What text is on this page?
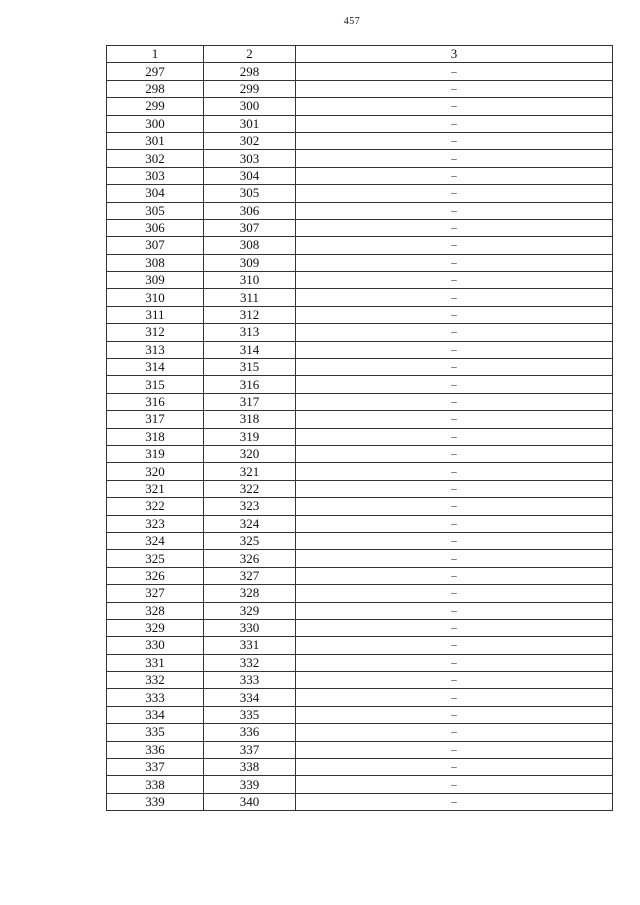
457
1	2	3
297	298	–
298	299	–
299	300	–
300	301	–
301	302	–
302	303	–
303	304	–
304	305	–
305	306	–
306	307	–
307	308	–
308	309	–
309	310	–
310	311	–
311	312	–
312	313	–
313	314	–
314	315	–
315	316	–
316	317	–
317	318	–
318	319	–
319	320	–
320	321	–
321	322	–
322	323	–
323	324	–
324	325	–
325	326	–
326	327	–
327	328	–
328	329	–
329	330	–
330	331	–
331	332	–
332	333	–
333	334	–
334	335	–
335	336	–
336	337	–
337	338	–
338	339	–
339	340	–
